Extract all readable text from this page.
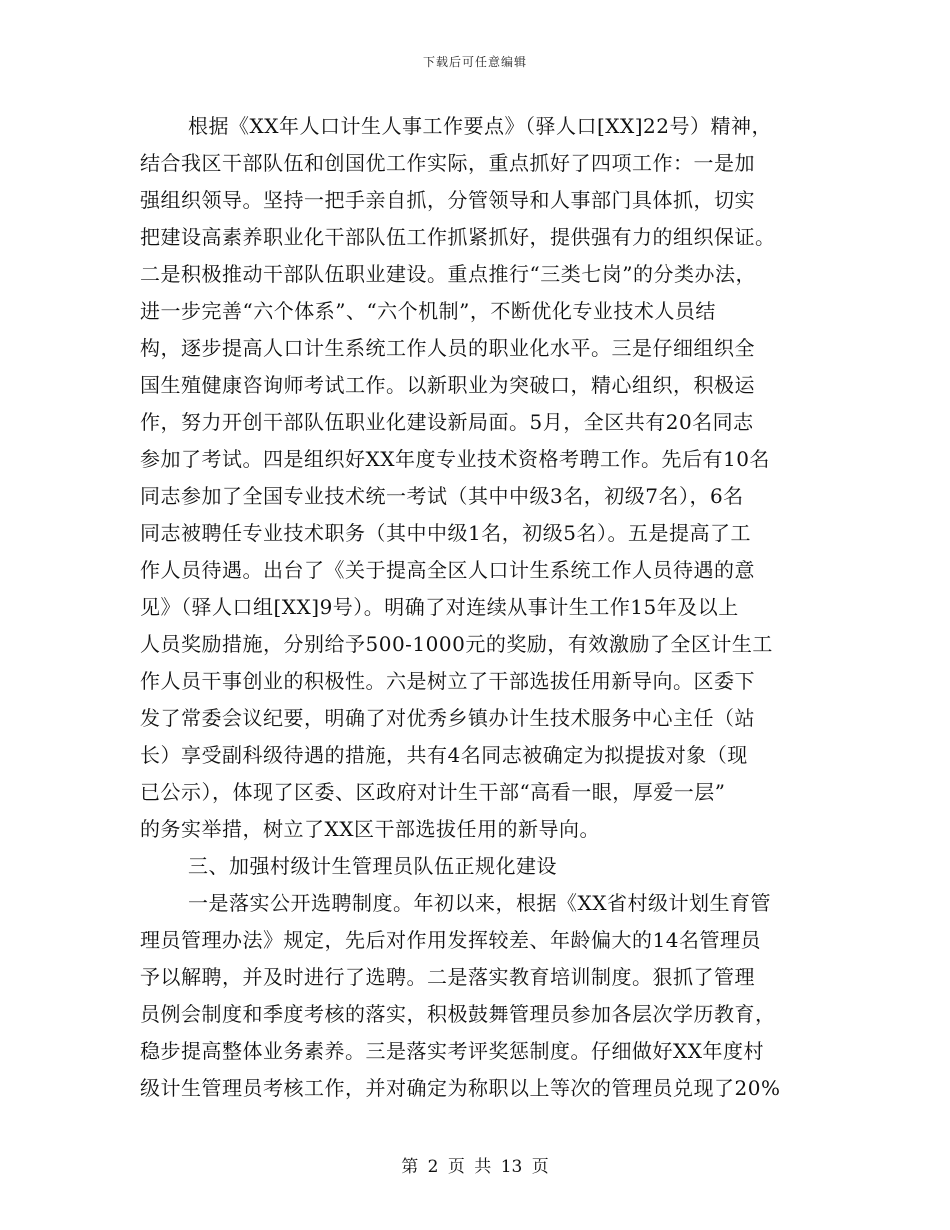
下载后可任意编辑
根据《XX年人口计生人事工作要点》（驿人口[XX]22号）精神，
结合我区干部队伍和创国优工作实际，重点抓好了四项工作：一是加
强组织领导。坚持一把手亲自抓，分管领导和人事部门具体抓，切实
把建设高素养职业化干部队伍工作抓紧抓好，提供强有力的组织保证。
二是积极推动干部队伍职业建设。重点推行“三类七岗”的分类办法，
进一步完善“六个体系”、“六个机制”，不断优化专业技术人员结
构，逐步提高人口计生系统工作人员的职业化水平。三是仔细组织全
国生殖健康咨询师考试工作。以新职业为突破口，精心组织，积极运
作，努力开创干部队伍职业化建设新局面。5月，全区共有20名同志
参加了考试。四是组织好XX年度专业技术资格考聘工作。先后有10名
同志参加了全国专业技术统一考试（其中中级3名，初级7名），6名
同志被聘任专业技术职务（其中中级1名，初级5名）。五是提高了工
作人员待遇。出台了《关于提高全区人口计生系统工作人员待遇的意
见》（驿人口组[XX]9号）。明确了对连续从事计生工作15年及以上
人员奖励措施，分别给予500-1000元的奖励，有效激励了全区计生工
作人员干事创业的积极性。六是树立了干部选拔任用新导向。区委下
发了常委会议纪要，明确了对优秀乡镇办计生技术服务中心主任（站
长）享受副科级待遇的措施，共有4名同志被确定为拟提拔对象（现
已公示），体现了区委、区政府对计生干部“高看一眼，厚爱一层”
的务实举措，树立了XX区干部选拔任用的新导向。
三、加强村级计生管理员队伍正规化建设
一是落实公开选聘制度。年初以来，根据《XX省村级计划生育管
理员管理办法》规定，先后对作用发挥较差、年龄偏大的14名管理员
予以解聘，并及时进行了选聘。二是落实教育培训制度。狠抓了管理
员例会制度和季度考核的落实，积极鼓舞管理员参加各层次学历教育，
稳步提高整体业务素养。三是落实考评奖惩制度。仔细做好XX年度村
级计生管理员考核工作，并对确定为称职以上等次的管理员兑现了20%
第 2 页 共 13 页
